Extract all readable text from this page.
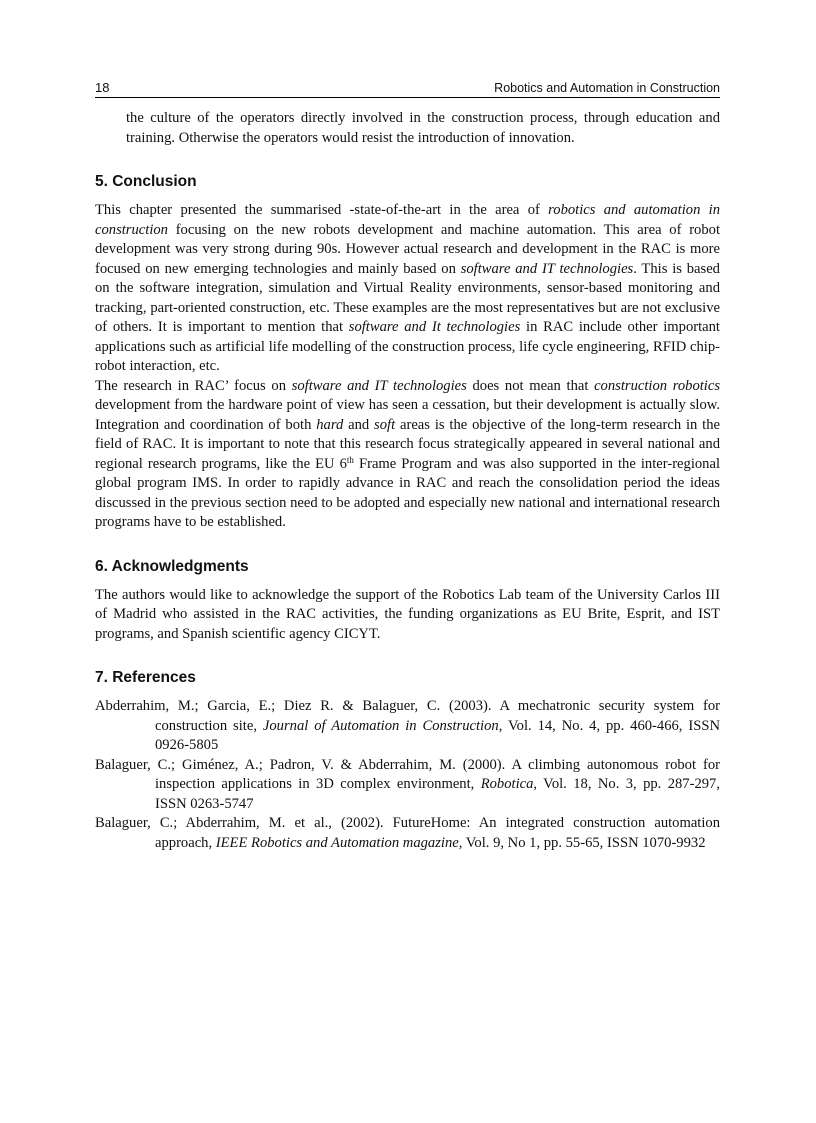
18	Robotics and Automation in Construction

the culture of the operators directly involved in the construction process, through education and training. Otherwise the operators would resist the introduction of innovation.

5. Conclusion

This chapter presented the summarised -state-of-the-art in the area of robotics and automation in construction focusing on the new robots development and machine automation. This area of robot development was very strong during 90s. However actual research and development in the RAC is more focused on new emerging technologies and mainly based on software and IT technologies. This is based on the software integration, simulation and Virtual Reality environments, sensor-based monitoring and tracking, part-oriented construction, etc. These examples are the most representatives but are not exclusive of others. It is important to mention that software and It technologies in RAC include other important applications such as artificial life modelling of the construction process, life cycle engineering, RFID chip-robot interaction, etc.

The research in RAC’ focus on software and IT technologies does not mean that construction robotics development from the hardware point of view has seen a cessation, but their development is actually slow. Integration and coordination of both hard and soft areas is the objective of the long-term research in the field of RAC. It is important to note that this research focus strategically appeared in several national and regional research programs, like the EU 6th Frame Program and was also supported in the inter-regional global program IMS. In order to rapidly advance in RAC and reach the consolidation period the ideas discussed in the previous section need to be adopted and especially new national and international research programs have to be established.

6. Acknowledgments

The authors would like to acknowledge the support of the Robotics Lab team of the University Carlos III of Madrid who assisted in the RAC activities, the funding organizations as EU Brite, Esprit, and IST programs, and Spanish scientific agency CICYT.

7. References

Abderrahim, M.; Garcia, E.; Diez R. & Balaguer, C. (2003). A mechatronic security system for construction site, Journal of Automation in Construction, Vol. 14, No. 4, pp. 460-466, ISSN 0926-5805

Balaguer, C.; Giménez, A.; Padron, V. & Abderrahim, M. (2000). A climbing autonomous robot for inspection applications in 3D complex environment, Robotica, Vol. 18, No. 3, pp. 287-297, ISSN 0263-5747

Balaguer, C.; Abderrahim, M. et al., (2002). FutureHome: An integrated construction automation approach, IEEE Robotics and Automation magazine, Vol. 9, No 1, pp. 55-65, ISSN 1070-9932
